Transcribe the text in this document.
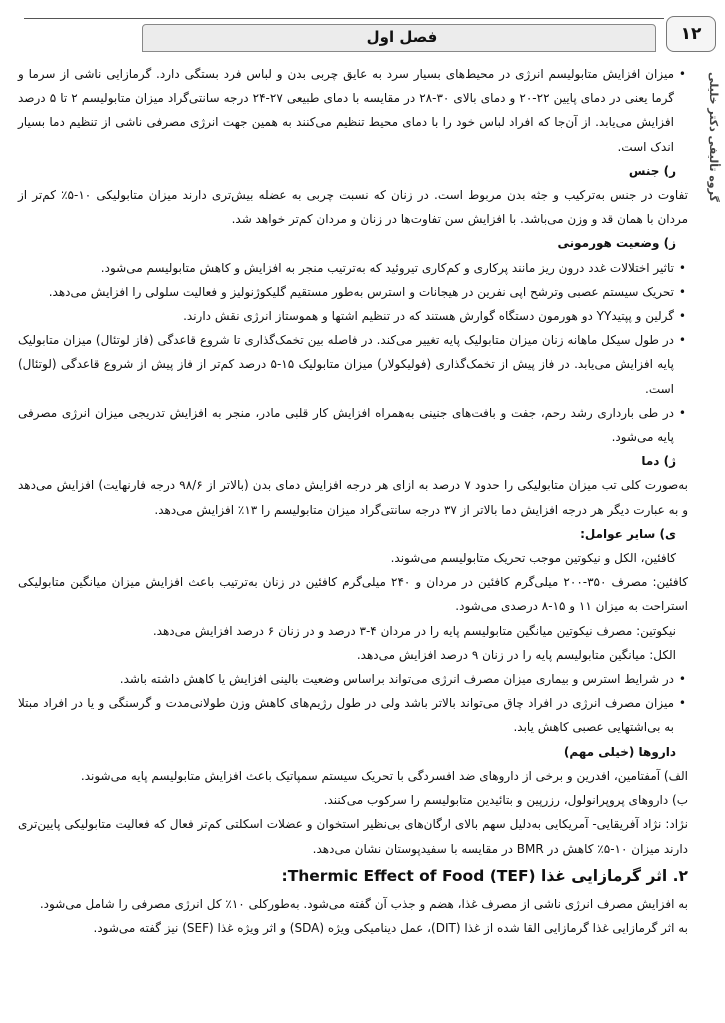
فصل اول	۱۲
گروه تألیفی دکتر خلیلی

• میزان افزایش متابولیسم انرژی در محیط‌های بسیار سرد به عایق چربی بدن و لباس فرد بستگی دارد. گرمازایی ناشی از سرما و گرما یعنی در دمای پایین ۲۲-۲۰ و دمای بالای ۳۰-۲۸ در مقایسه با دمای طبیعی ۲۷-۲۴ درجه سانتی‌گراد میزان متابولیسم ۲ تا ۵ درصد افزایش می‌یابد. از آن‌جا که افراد لباس خود را با دمای محیط تنظیم می‌کنند به همین جهت انرژی مصرفی ناشی از تنظیم دما بسیار اندک است.

ر) جنس

تفاوت در جنس به‌ترکیب و جثه بدن مربوط است. در زنان که نسبت چربی به عضله بیش‌تری دارند میزان متابولیکی ۱۰-۵٪ کم‌تر از مردان با همان قد و وزن می‌باشد. با افزایش سن تفاوت‌ها در زنان و مردان کم‌تر خواهد شد.

ز) وضعیت هورمونی

• تاثیر اختلالات غدد درون ریز مانند پرکاری و کم‌کاری تیروئید که به‌ترتیب منجر به افزایش و کاهش متابولیسم می‌شود.

• تحریک سیستم عصبی وترشح اپی نفرین در هیجانات و استرس به‌طور مستقیم گلیکوژنولیز و فعالیت سلولی را افزایش می‌دهد.

• گرلین و پپتیدYY دو هورمون دستگاه گوارش هستند که در تنظیم اشتها و هموستاز انرژی نقش دارند.

• در طول سیکل ماهانه زنان میزان متابولیک پایه تغییر می‌کند. در فاصله بین تخمک‌گذاری تا شروع قاعدگی (فاز لوتئال) میزان متابولیک پایه افزایش می‌یابد. در فاز پیش از تخمک‌گذاری (فولیکولار) میزان متابولیک ۱۵-۵ درصد کم‌تر از فاز پیش از شروع قاعدگی (لوتئال) است.

• در طی بارداری رشد رحم، جفت و بافت‌های جنینی به‌همراه افزایش کار قلبی مادر، منجر به افزایش تدریجی میزان انرژی مصرفی پایه می‌شود.

ژ) دما

به‌صورت کلی تب میزان متابولیکی را حدود ۷ درصد به ازای هر درجه افزایش دمای بدن (بالاتر از ۹۸/۶ درجه فارنهایت) افزایش می‌دهد و به عبارت دیگر هر درجه افزایش دما بالاتر از ۳۷ درجه سانتی‌گراد میزان متابولیسم را ۱۳٪ افزایش می‌دهد.

ی) سایر عوامل:

کافئین، الکل و نیکوتین موجب تحریک متابولیسم می‌شوند.

کافئین: مصرف ۳۵۰-۲۰۰ میلی‌گرم کافئین در مردان و ۲۴۰ میلی‌گرم کافئین در زنان به‌ترتیب باعث افزایش میزان میانگین متابولیکی استراحت به میزان ۱۱ و ۱۵-۸ درصدی می‌شود.

نیکوتین: مصرف نیکوتین میانگین متابولیسم پایه را در مردان ۴-۳ درصد و در زنان ۶ درصد افزایش می‌دهد.

الکل: میانگین متابولیسم پایه را در زنان ۹ درصد افزایش می‌دهد.

• در شرایط استرس و بیماری میزان مصرف انرژی می‌تواند براساس وضعیت بالینی افزایش یا کاهش داشته باشد.

• میزان مصرف انرژی در افراد چاق می‌تواند بالاتر باشد ولی در طول رژیم‌های کاهش وزن طولانی‌مدت و گرسنگی و یا در افراد مبتلا به بی‌اشتهایی عصبی کاهش یابد.

داروها (خیلی مهم)

الف) آمفتامین، افدرین و برخی از داروهای ضد افسردگی با تحریک سیستم سمپاتیک باعث افزایش متابولیسم پایه می‌شوند.

ب) داروهای پروپرانولول، رزرپین و بتائیدین متابولیسم را سرکوب می‌کنند.

نژاد: نژاد آفریقایی- آمریکایی به‌دلیل سهم بالای ارگان‌های بی‌نظیر استخوان و عضلات اسکلتی کم‌تر فعال که فعالیت متابولیکی پایین‌تری دارند میزان ۱۰-۵٪ کاهش در BMR در مقایسه با سفیدپوستان نشان می‌دهد.

۲. اثر گرمازایی غذا (TEF) Thermic Effect of Food:

به افزایش مصرف انرژی ناشی از مصرف غذا، هضم و جذب آن گفته می‌شود. به‌طورکلی ۱۰٪ کل انرژی مصرفی را شامل می‌شود.

به اثر گرمازایی غذا گرمازایی القا شده از غذا (DIT)، عمل دینامیکی ویژه (SDA) و اثر ویژه غذا (SEF) نیز گفته می‌شود.
